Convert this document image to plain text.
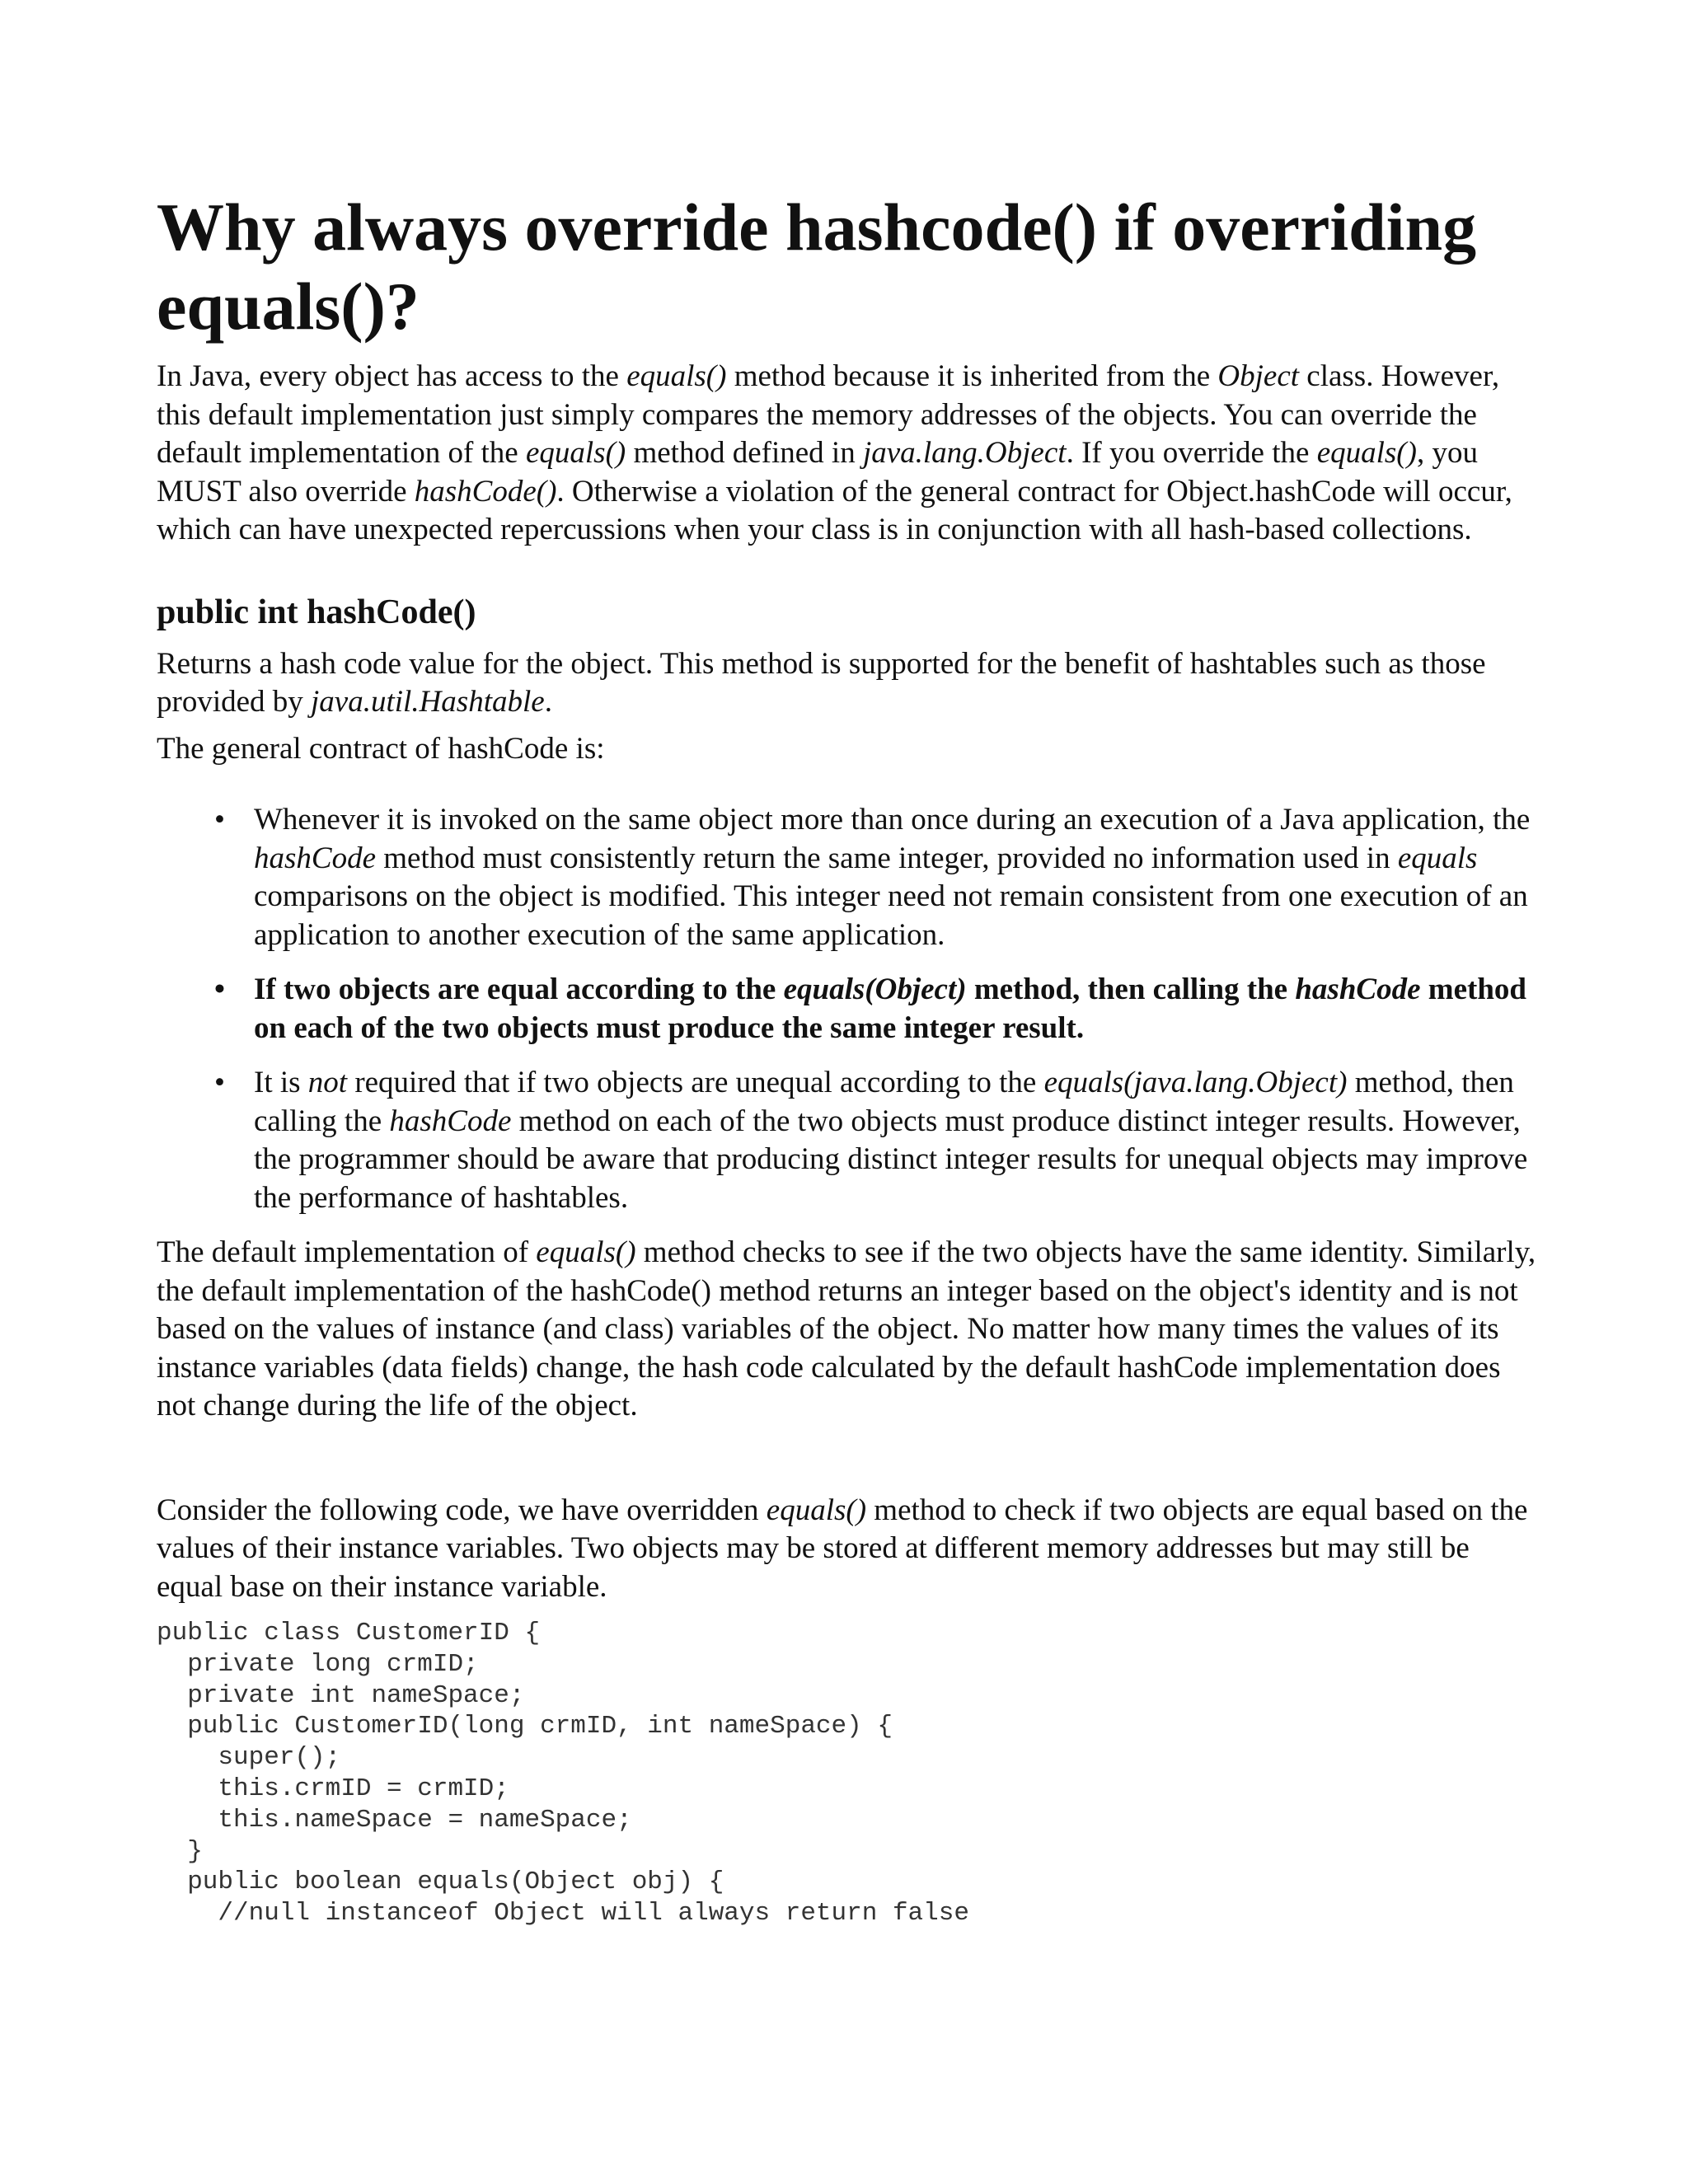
Why always override hashcode() if overriding equals()?

In Java, every object has access to the equals() method because it is inherited from the Object class. However, this default implementation just simply compares the memory addresses of the objects. You can override the default implementation of the equals() method defined in java.lang.Object. If you override the equals(), you MUST also override hashCode(). Otherwise a violation of the general contract for Object.hashCode will occur, which can have unexpected repercussions when your class is in conjunction with all hash-based collections.

public int hashCode()

Returns a hash code value for the object. This method is supported for the benefit of hashtables such as those provided by java.util.Hashtable.

The general contract of hashCode is:

• Whenever it is invoked on the same object more than once during an execution of a Java application, the hashCode method must consistently return the same integer, provided no information used in equals comparisons on the object is modified. This integer need not remain consistent from one execution of an application to another execution of the same application.
• If two objects are equal according to the equals(Object) method, then calling the hashCode method on each of the two objects must produce the same integer result.
• It is not required that if two objects are unequal according to the equals(java.lang.Object) method, then calling the hashCode method on each of the two objects must produce distinct integer results. However, the programmer should be aware that producing distinct integer results for unequal objects may improve the performance of hashtables.

The default implementation of equals() method checks to see if the two objects have the same identity. Similarly, the default implementation of the hashCode() method returns an integer based on the object's identity and is not based on the values of instance (and class) variables of the object. No matter how many times the values of its instance variables (data fields) change, the hash code calculated by the default hashCode implementation does not change during the life of the object.

Consider the following code, we have overridden equals() method to check if two objects are equal based on the values of their instance variables. Two objects may be stored at different memory addresses but may still be equal base on their instance variable.

public class CustomerID {
private long crmID;
private int nameSpace;
public CustomerID(long crmID, int nameSpace) {
super();
this.crmID = crmID;
this.nameSpace = nameSpace;
}
public boolean equals(Object obj) {
//null instanceof Object will always return false
